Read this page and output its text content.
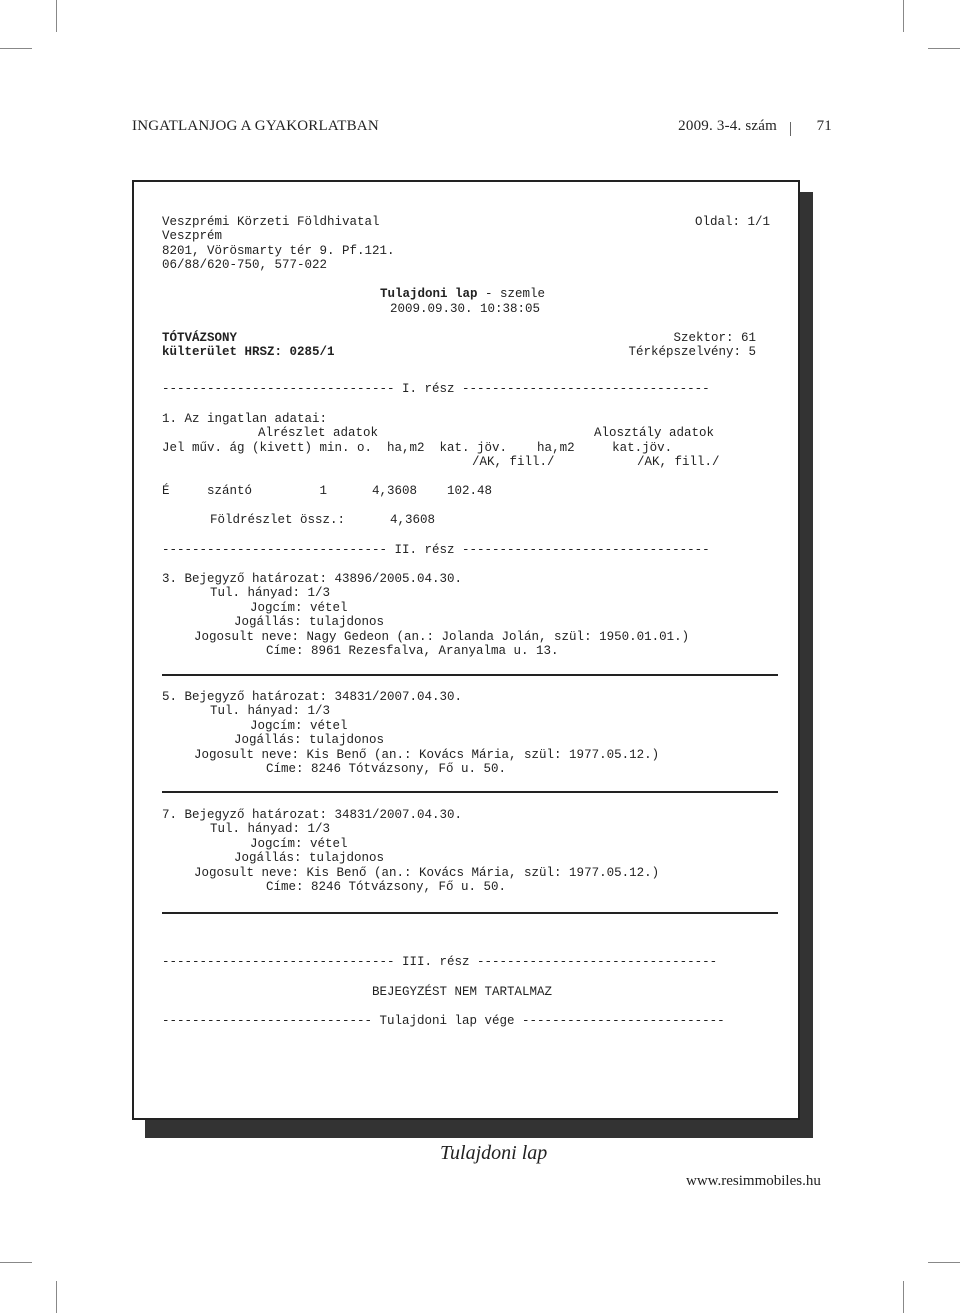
INGATLANJOG A GYAKORLATBAN	2009. 3-4. szám	71
Veszprémi Körzeti Földhivatal	Oldal: 1/1
Veszprém
8201, Vörösmarty tér 9. Pf.121.
06/88/620-750, 577-022
Tulajdoni lap - szemle
2009.09.30. 10:38:05
TÓTVÁZSONY	Szektor: 61
külterület HRSZ: 0285/1	Térképszelvény: 5
------------------------------- I. rész ---------------------------------
1. Az ingatlan adatai:
Alrészlet adatok	Alosztály adatok
Jel műv. ág (kivett) min. o.  ha,m2  kat. jöv.    ha,m2     kat.jöv.
/AK, fill./           /AK, fill./
É     szántó         1      4,3608    102.48
Földrészlet össz.:      4,3608
------------------------------ II. rész ---------------------------------
3. Bejegyző határozat: 43896/2005.04.30.
Tul. hányad: 1/3
Jogcím: vétel
Jogállás: tulajdonos
Jogosult neve: Nagy Gedeon (an.: Jolanda Jolán, szül: 1950.01.01.)
Címe: 8961 Rezesfalva, Aranyalma u. 13.
5. Bejegyző határozat: 34831/2007.04.30.
Tul. hányad: 1/3
Jogcím: vétel
Jogállás: tulajdonos
Jogosult neve: Kis Benő (an.: Kovács Mária, szül: 1977.05.12.)
Címe: 8246 Tótvázsony, Fő u. 50.
7. Bejegyző határozat: 34831/2007.04.30.
Tul. hányad: 1/3
Jogcím: vétel
Jogállás: tulajdonos
Jogosult neve: Kis Benő (an.: Kovács Mária, szül: 1977.05.12.)
Címe: 8246 Tótvázsony, Fő u. 50.
------------------------------- III. rész --------------------------------
BEJEGYZÉST NEM TARTALMAZ
---------------------------- Tulajdoni lap vége ---------------------------
Tulajdoni lap
www.resimmobiles.hu
